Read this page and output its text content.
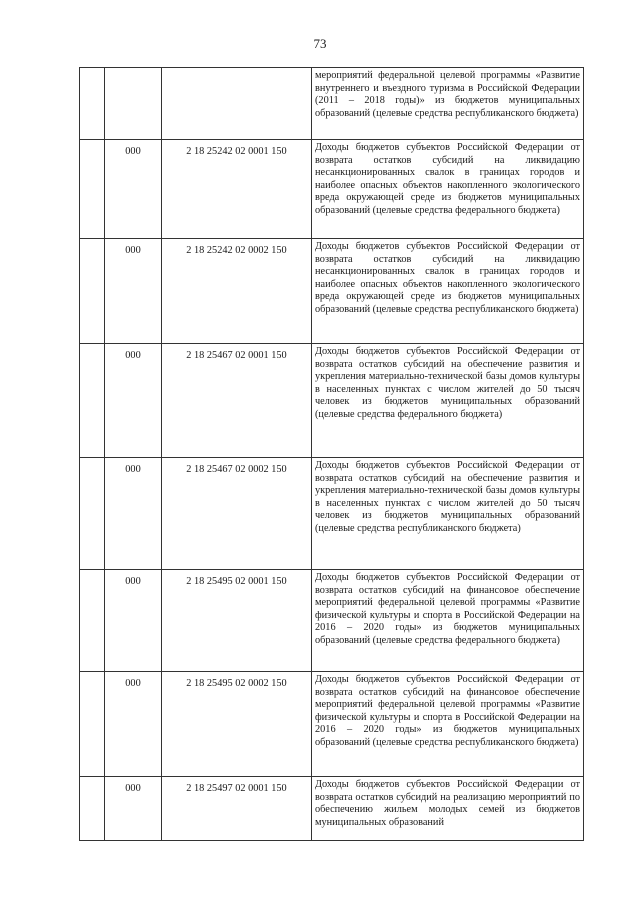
73
			мероприятий федеральной целевой программы «Развитие внутреннего и въездного туризма в Российской Федерации (2011 – 2018 годы)» из бюджетов муниципальных образований (целевые средства республиканского бюджета)
	000	2 18 25242 02 0001 150	Доходы бюджетов субъектов Российской Федерации от возврата остатков субсидий на ликвидацию несанкционированных свалок в границах городов и наиболее опасных объектов накопленного экологического вреда окружающей среде из бюджетов муниципальных образований (целевые средства федерального бюджета)
	000	2 18 25242 02 0002 150	Доходы бюджетов субъектов Российской Федерации от возврата остатков субсидий на ликвидацию несанкционированных свалок в границах городов и наиболее опасных объектов накопленного экологического вреда окружающей среде из бюджетов муниципальных образований (целевые средства республиканского бюджета)
	000	2 18 25467 02 0001 150	Доходы бюджетов субъектов Российской Федерации от возврата остатков субсидий на обеспечение развития и укрепления материально-технической базы домов культуры в населенных пунктах с числом жителей до 50 тысяч человек из бюджетов муниципальных образований (целевые средства федерального бюджета)
	000	2 18 25467 02 0002 150	Доходы бюджетов субъектов Российской Федерации от возврата остатков субсидий на обеспечение развития и укрепления материально-технической базы домов культуры в населенных пунктах с числом жителей до 50 тысяч человек из бюджетов муниципальных образований (целевые средства республиканского бюджета)
	000	2 18 25495 02 0001 150	Доходы бюджетов субъектов Российской Федерации от возврата остатков субсидий на финансовое обеспечение мероприятий федеральной целевой программы «Развитие физической культуры и спорта в Российской Федерации на 2016 – 2020 годы» из бюджетов муниципальных образований (целевые средства федерального бюджета)
	000	2 18 25495 02 0002 150	Доходы бюджетов субъектов Российской Федерации от возврата остатков субсидий на финансовое обеспечение мероприятий федеральной целевой программы «Развитие физической культуры и спорта в Российской Федерации на 2016 – 2020 годы» из бюджетов муниципальных образований (целевые средства республиканского бюджета)
	000	2 18 25497 02 0001 150	Доходы бюджетов субъектов Российской Федерации от возврата остатков субсидий на реализацию мероприятий по обеспечению жильем молодых семей из бюджетов муниципальных образований
